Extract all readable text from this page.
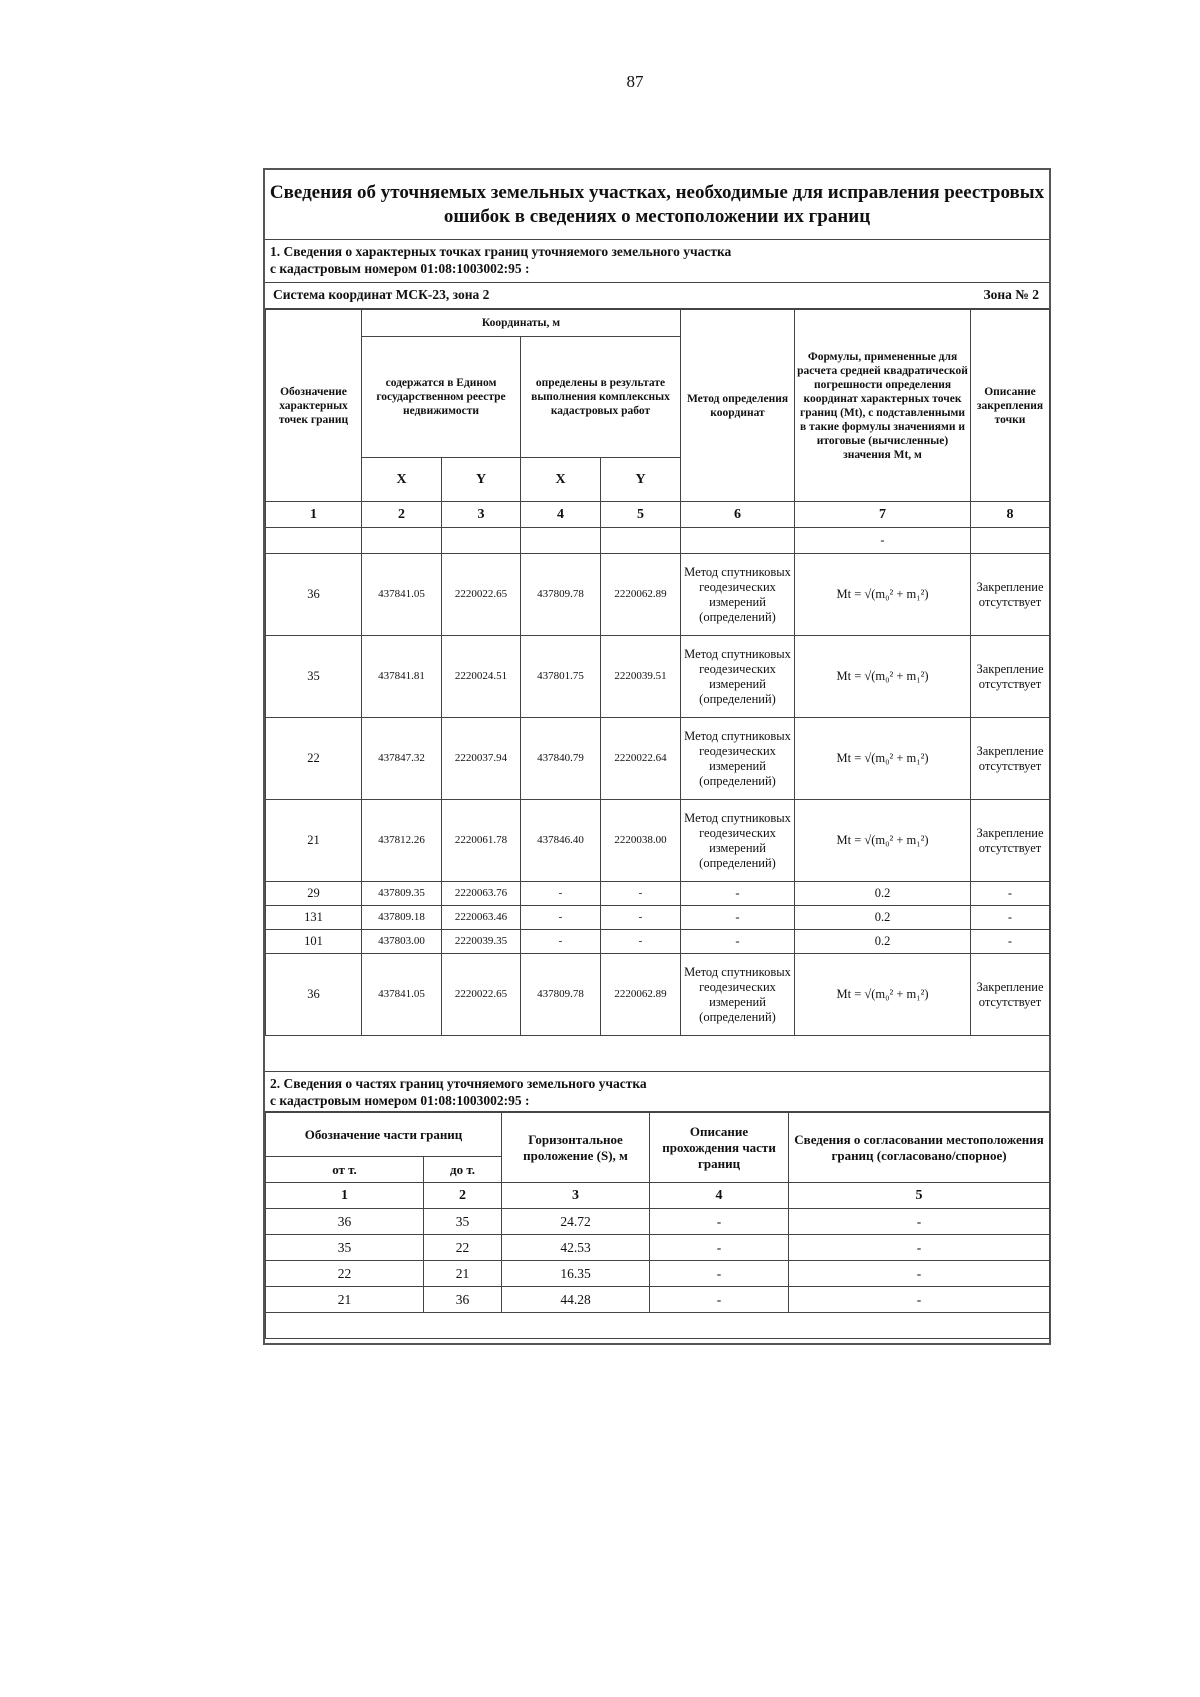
87
Сведения об уточняемых земельных участках, необходимые для исправления реестровых ошибок в сведениях о местоположении их границ
1. Сведения о характерных точках границ уточняемого земельного участка
с кадастровым номером 01:08:1003002:95 :
Система координат МСК-23, зона 2	Зона № 2
Обозначение характерных точек границ	Координаты, м				Метод определения координат	Формулы, примененные для расчета средней квадратической погрешности определения координат характерных точек границ (Mt), с подставленными в такие формулы значениями и итоговые (вычисленные) значения Mt, м	Описание закрепления точки
	содержатся в Едином государственном реестре недвижимости		определены в результате выполнения комплексных кадастровых работ				
	X	Y	X	Y			
1	2	3	4	5	6	7	8
						-	
36	437841.05	2220022.65	437809.78	2220062.89	Метод спутниковых геодезических измерений (определений)	Mt = √(m₀² + m₁²)	Закрепление отсутствует
35	437841.81	2220024.51	437801.75	2220039.51	Метод спутниковых геодезических измерений (определений)	Mt = √(m₀² + m₁²)	Закрепление отсутствует
22	437847.32	2220037.94	437840.79	2220022.64	Метод спутниковых геодезических измерений (определений)	Mt = √(m₀² + m₁²)	Закрепление отсутствует
21	437812.26	2220061.78	437846.40	2220038.00	Метод спутниковых геодезических измерений (определений)	Mt = √(m₀² + m₁²)	Закрепление отсутствует
29	437809.35	2220063.76	-	-	-	0.2	-
131	437809.18	2220063.46	-	-	-	0.2	-
101	437803.00	2220039.35	-	-	-	0.2	-
36	437841.05	2220022.65	437809.78	2220062.89	Метод спутниковых геодезических измерений (определений)	Mt = √(m₀² + m₁²)	Закрепление отсутствует
2. Сведения о частях границ уточняемого земельного участка
с кадастровым номером 01:08:1003002:95 :
Обозначение части границ		Горизонтальное проложение (S), м	Описание прохождения части границ	Сведения о согласовании местоположения границ (согласовано/спорное)
от т.	до т.			
1	2	3	4	5
36	35	24.72	-	-
35	22	42.53	-	-
22	21	16.35	-	-
21	36	44.28	-	-
